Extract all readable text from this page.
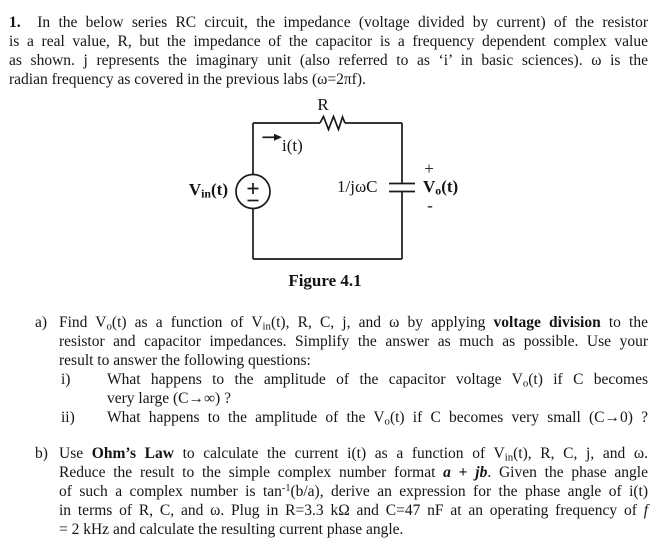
1.  In the below series RC circuit, the impedance (voltage divided by current) of the resistor
is a real value, R, but the impedance of the capacitor is a frequency dependent complex value
as shown. j represents the imaginary unit (also referred to as ‘i’ in basic sciences). ω is the
radian frequency as covered in the previous labs (ω=2πf).
R
i(t)
$V_{in}(t)$	1/jωC
+
$V_o(t)$
-
Figure 4.1
a) Find $V_o(t)$ as a function of $V_{in}(t)$, R, C, j, and ω by applying voltage division to the
resistor and capacitor impedances. Simplify the answer as much as possible. Use your
result to answer the following questions:
i) What happens to the amplitude of the capacitor voltage $V_o(t)$ if C becomes
very large (C→∞) ?
ii) What happens to the amplitude of the $V_o(t)$ if C becomes very small (C→0) ?
b) Use Ohm’s Law to calculate the current i(t) as a function of $V_{in}(t)$, R, C, j, and ω.
Reduce the result to the simple complex number format a + jb. Given the phase angle
of such a complex number is $\tan^{-1}(b/a)$, derive an expression for the phase angle of i(t)
in terms of R, C, and ω. Plug in R=3.3 kΩ and C=47 nF at an operating frequency of f
= 2 kHz and calculate the resulting current phase angle.
